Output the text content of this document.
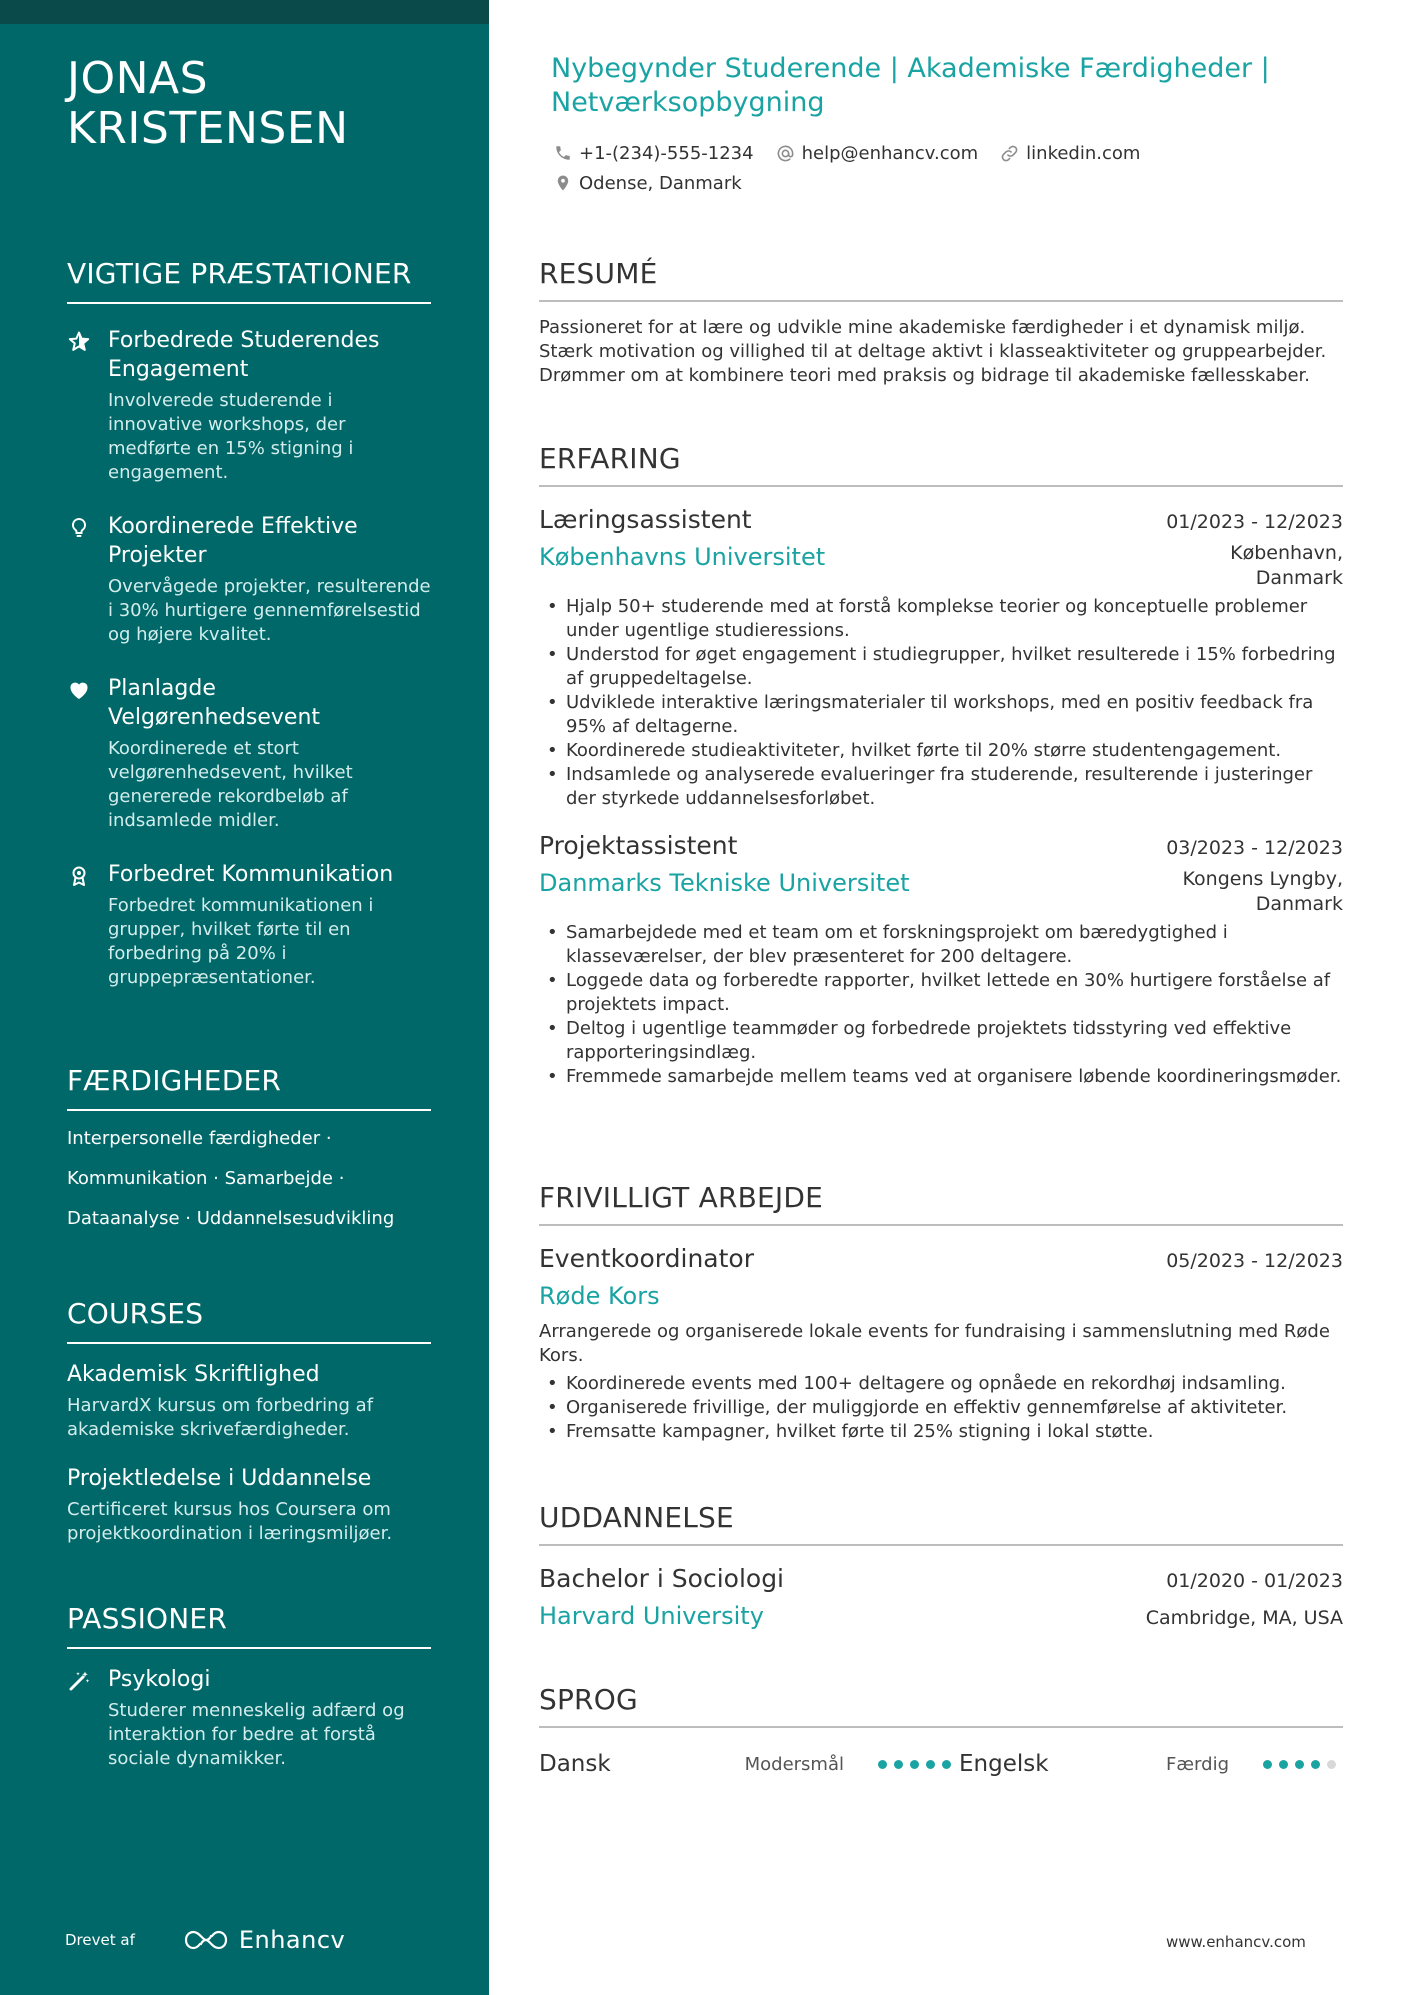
JONAS KRISTENSEN
VIGTIGE PRÆSTATIONER
Forbedrede Studerendes Engagement
Involverede studerende i innovative workshops, der medførte en 15% stigning i engagement.
Koordinerede Effektive Projekter
Overvågede projekter, resulterende i 30% hurtigere gennemførelsestid og højere kvalitet.
Planlagde Velgørenhedsevent
Koordinerede et stort velgørenhedsevent, hvilket genererede rekordbeløb af indsamlede midler.
Forbedret Kommunikation
Forbedret kommunikationen i grupper, hvilket førte til en forbedring på 20% i gruppepræsentationer.
FÆRDIGHEDER
Interpersonelle færdigheder ·
Kommunikation · Samarbejde ·
Dataanalyse · Uddannelsesudvikling
COURSES
Akademisk Skriftlighed
HarvardX kursus om forbedring af akademiske skrivefærdigheder.
Projektledelse i Uddannelse
Certificeret kursus hos Coursera om projektkoordination i læringsmiljøer.
PASSIONER
Psykologi
Studerer menneskelig adfærd og interaktion for bedre at forstå sociale dynamikker.
Drevet af	Enhancv
Nybegynder Studerende | Akademiske Færdigheder | Netværksopbygning
+1-(234)-555-1234	help@enhancv.com	linkedin.com
Odense, Danmark
RESUMÉ
Passioneret for at lære og udvikle mine akademiske færdigheder i et dynamisk miljø. Stærk motivation og villighed til at deltage aktivt i klasseaktiviteter og gruppearbejder. Drømmer om at kombinere teori med praksis og bidrage til akademiske fællesskaber.
ERFARING
Læringsassistent	01/2023 - 12/2023
Københavns Universitet	København,
Danmark
• Hjalp 50+ studerende med at forstå komplekse teorier og konceptuelle problemer under ugentlige studieressions.
• Understod for øget engagement i studiegrupper, hvilket resulterede i 15% forbedring af gruppedeltagelse.
• Udviklede interaktive læringsmaterialer til workshops, med en positiv feedback fra 95% af deltagerne.
• Koordinerede studieaktiviteter, hvilket førte til 20% større studentengagement.
• Indsamlede og analyserede evalueringer fra studerende, resulterende i justeringer der styrkede uddannelsesforløbet.
Projektassistent	03/2023 - 12/2023
Danmarks Tekniske Universitet	Kongens Lyngby,
Danmark
• Samarbejdede med et team om et forskningsprojekt om bæredygtighed i klasseværelser, der blev præsenteret for 200 deltagere.
• Loggede data og forberedte rapporter, hvilket lettede en 30% hurtigere forståelse af projektets impact.
• Deltog i ugentlige teammøder og forbedrede projektets tidsstyring ved effektive rapporteringsindlæg.
• Fremmede samarbejde mellem teams ved at organisere løbende koordineringsmøder.
FRIVILLIGT ARBEJDE
Eventkoordinator	05/2023 - 12/2023
Røde Kors
Arrangerede og organiserede lokale events for fundraising i sammenslutning med Røde Kors.
• Koordinerede events med 100+ deltagere og opnåede en rekordhøj indsamling.
• Organiserede frivillige, der muliggjorde en effektiv gennemførelse af aktiviteter.
• Fremsatte kampagner, hvilket førte til 25% stigning i lokal støtte.
UDDANNELSE
Bachelor i Sociologi	01/2020 - 01/2023
Harvard University	Cambridge, MA, USA
SPROG
Dansk	Modersmål	Engelsk	Færdig
www.enhancv.com
